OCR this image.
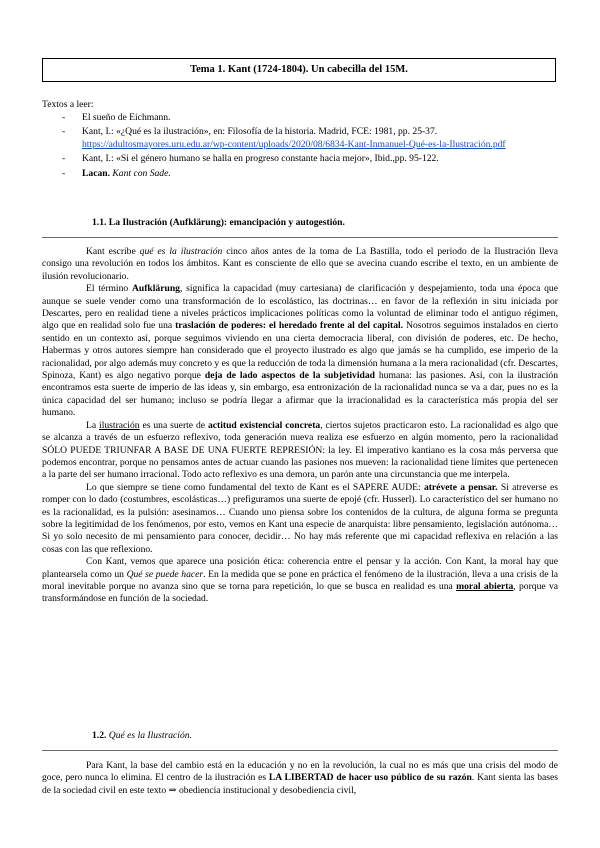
Tema 1. Kant (1724-1804). Un cabecilla del 15M.
Textos a leer:
- El sueño de Eichmann.
- Kant, I.: «¿Qué es la ilustración», en: Filosofía de la historia. Madrid, FCE: 1981, pp. 25-37. https://adultosmayores.uru.edu.ar/wp-content/uploads/2020/08/6834-Kant-Inmanuel-Qué-es-la-Ilustración.pdf
- Kant, I.: «Si el género humano se halla en progreso constante hacia mejor», Ibid.,pp. 95-122.
- Lacan. Kant con Sade.
1.1. La Ilustración (Aufklärung): emancipación y autogestión.

Kant escribe qué es la ilustración cinco años antes de la toma de La Bastilla, todo el periodo de la Ilustración lleva consigo una revolución en todos los ámbitos. Kant es consciente de ello que se avecina cuando escribe el texto, en un ambiente de ilusión revolucionario.

El término Aufklärung, significa la capacidad (muy cartesiana) de clarificación y despejamiento, toda una época que aunque se suele vender como una transformación de lo escolástico, las doctrinas… en favor de la reflexión in situ iniciada por Descartes, pero en realidad tiene a niveles prácticos implicaciones políticas como la voluntad de eliminar todo el antiguo régimen, algo que en realidad solo fue una traslación de poderes: el heredado frente al del capital. Nosotros seguimos instalados en cierto sentido en un contexto así, porque seguimos viviendo en una cierta democracia liberal, con división de poderes, etc. De hecho, Habermas y otros autores siempre han considerado que el proyecto ilustrado es algo que jamás se ha cumplido, ese imperio de la racionalidad, por algo además muy concreto y es que la reducción de toda la dimensión humana a la mera racionalidad (cfr. Descartes, Spinoza, Kant) es algo negativo porque deja de lado aspectos de la subjetividad humana: las pasiones. Así, con la ilustración encontramos esta suerte de imperio de las ideas y, sin embargo, esa entronización de la racionalidad nunca se va a dar, pues no es la única capacidad del ser humano; incluso se podría llegar a afirmar que la irracionalidad es la característica más propia del ser humano.

La ilustración es una suerte de actitud existencial concreta, ciertos sujetos practicaron esto. La racionalidad es algo que se alcanza a través de un esfuerzo reflexivo, toda generación nueva realiza ese esfuerzo en algún momento, pero la racionalidad SÓLO PUEDE TRIUNFAR A BASE DE UNA FUERTE REPRESIÓN: la ley. El imperativo kantiano es la cosa más perversa que podemos encontrar, porque no pensamos antes de actuar cuando las pasiones nos mueven: la racionalidad tiene límites que pertenecen a la parte del ser humano irracional. Todo acto reflexivo es una demora, un parón ante una circunstancia que me interpela.

Lo que siempre se tiene como fundamental del texto de Kant es el SAPERE AUDE: atrévete a pensar. Si atreverse es romper con lo dado (costumbres, escolásticas…) prefiguramos una suerte de epojé (cfr. Husserl). Lo característico del ser humano no es la racionalidad, es la pulsión: asesinamos… Cuando uno piensa sobre los contenidos de la cultura, de alguna forma se pregunta sobre la legitimidad de los fenómenos, por esto, vemos en Kant una especie de anarquista: libre pensamiento, legislación autónoma… Si yo solo necesito de mi pensamiento para conocer, decidir… No hay más referente que mi capacidad reflexiva en relación a las cosas con las que reflexiono.

Con Kant, vemos que aparece una posición ética: coherencia entre el pensar y la acción. Con Kant, la moral hay que plantearsela como un Qué se puede hacer. En la medida que se pone en práctica el fenómeno de la ilustración, lleva a una crisis de la moral inevitable porque no avanza sino que se torna para repetición, lo que se busca en realidad es una moral abierta, porque va transformándose en función de la sociedad.

1.2. Qué es la Ilustración.

Para Kant, la base del cambio está en la educación y no en la revolución, la cual no es más que una crisis del modo de goce, pero nunca lo elimina. El centro de la ilustración es LA LIBERTAD de hacer uso público de su razón. Kant sienta las bases de la sociedad civil en este texto ⇒ obediencia institucional y desobediencia civil,
